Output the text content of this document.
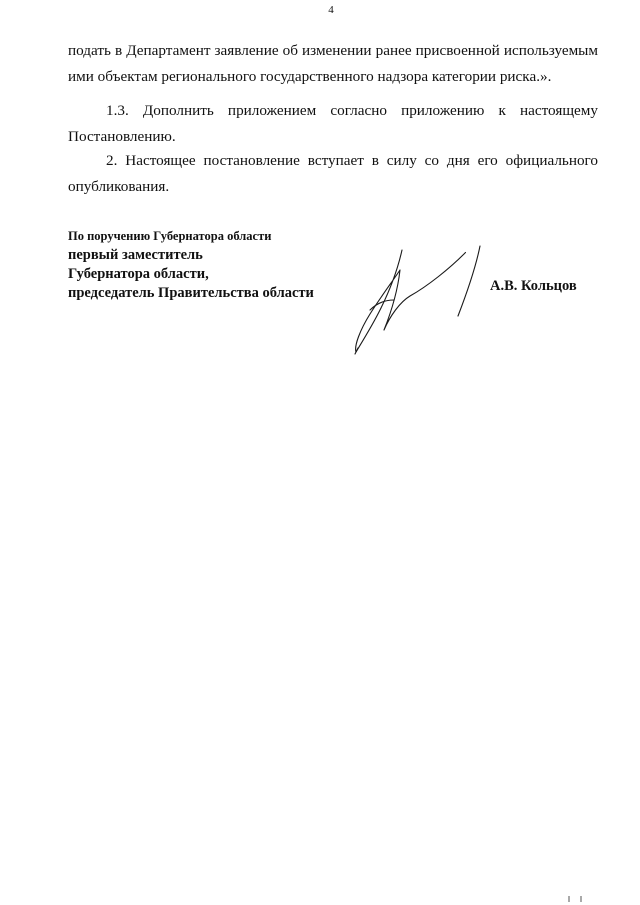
4

подать в Департамент заявление об изменении ранее присвоенной используемым ими объектам регионального государственного надзора категории риска.».

1.3. Дополнить приложением согласно приложению к настоящему Постановлению.

2. Настоящее постановление вступает в силу со дня его официального опубликования.

По поручению Губернатора области
первый заместитель
Губернатора области,
председатель Правительства области	А.В. Кольцов
